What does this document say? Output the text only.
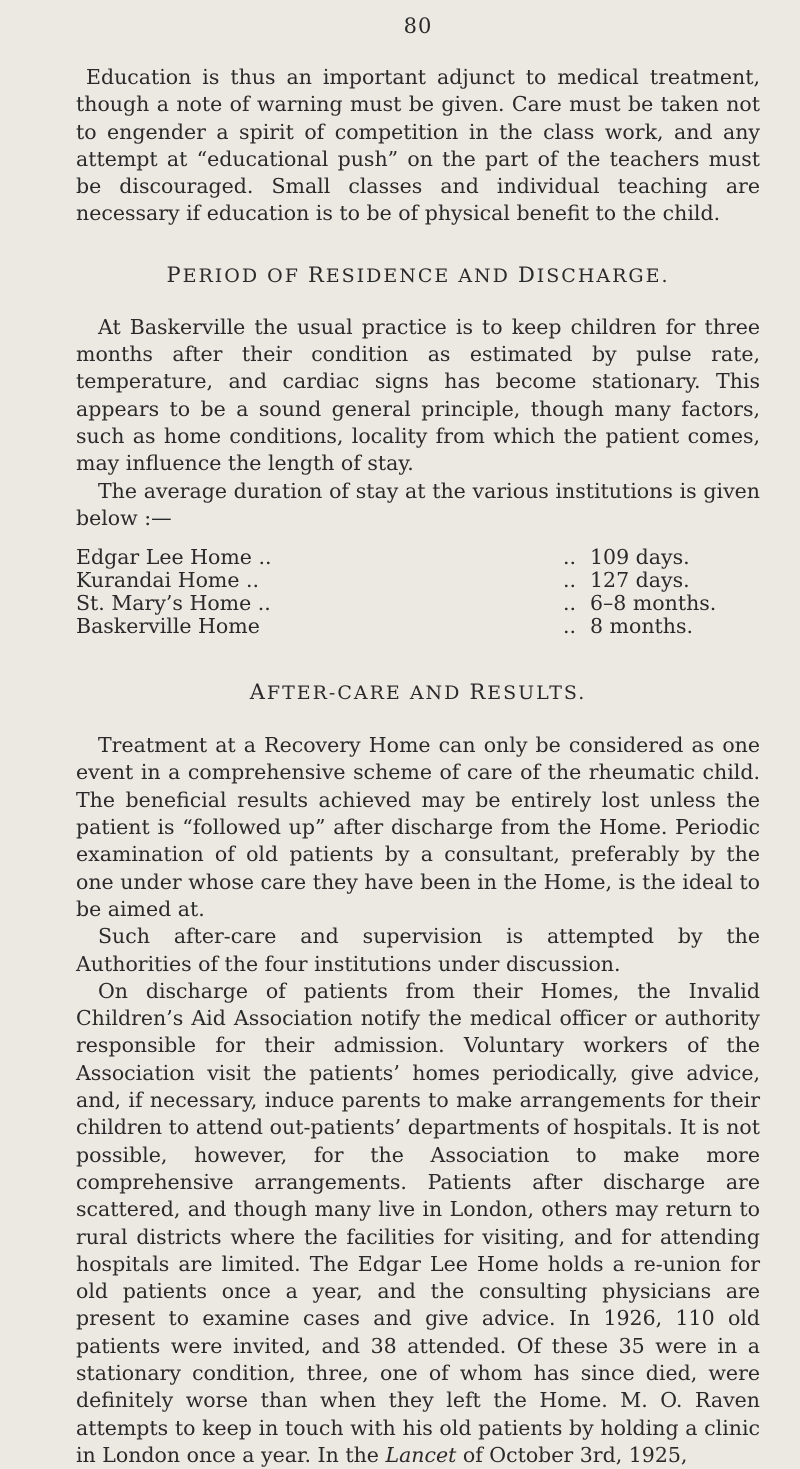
80

Education is thus an important adjunct to medical treatment, though a note of warning must be given. Care must be taken not to engender a spirit of competition in the class work, and any attempt at “educational push” on the part of the teachers must be discouraged. Small classes and individual teaching are necessary if education is to be of physical benefit to the child.

PERIOD OF RESIDENCE AND DISCHARGE.

At Baskerville the usual practice is to keep children for three months after their condition as estimated by pulse rate, temperature, and cardiac signs has become stationary. This appears to be a sound general principle, though many factors, such as home conditions, locality from which the patient comes, may influence the length of stay.

The average duration of stay at the various institutions is given below :—

Edgar Lee Home ..		..	109 days.
Kurandai Home ..		..	127 days.
St. Mary’s Home ..		..	6–8 months.
Baskerville Home		..	8 months.
AFTER-CARE AND RESULTS.

Treatment at a Recovery Home can only be considered as one event in a comprehensive scheme of care of the rheumatic child. The beneficial results achieved may be entirely lost unless the patient is “followed up” after discharge from the Home. Periodic examination of old patients by a consultant, preferably by the one under whose care they have been in the Home, is the ideal to be aimed at.

Such after-care and supervision is attempted by the Authorities of the four institutions under discussion.

On discharge of patients from their Homes, the Invalid Children’s Aid Association notify the medical officer or authority responsible for their admission. Voluntary workers of the Association visit the patients’ homes periodically, give advice, and, if necessary, induce parents to make arrangements for their children to attend out-patients’ departments of hospitals. It is not possible, however, for the Association to make more comprehensive arrangements. Patients after discharge are scattered, and though many live in London, others may return to rural districts where the facilities for visiting, and for attending hospitals are limited. The Edgar Lee Home holds a re-union for old patients once a year, and the consulting physicians are present to examine cases and give advice. In 1926, 110 old patients were invited, and 38 attended. Of these 35 were in a stationary condition, three, one of whom has since died, were definitely worse than when they left the Home. M. O. Raven attempts to keep in touch with his old patients by holding a clinic in London once a year. In the Lancet of October 3rd, 1925,
